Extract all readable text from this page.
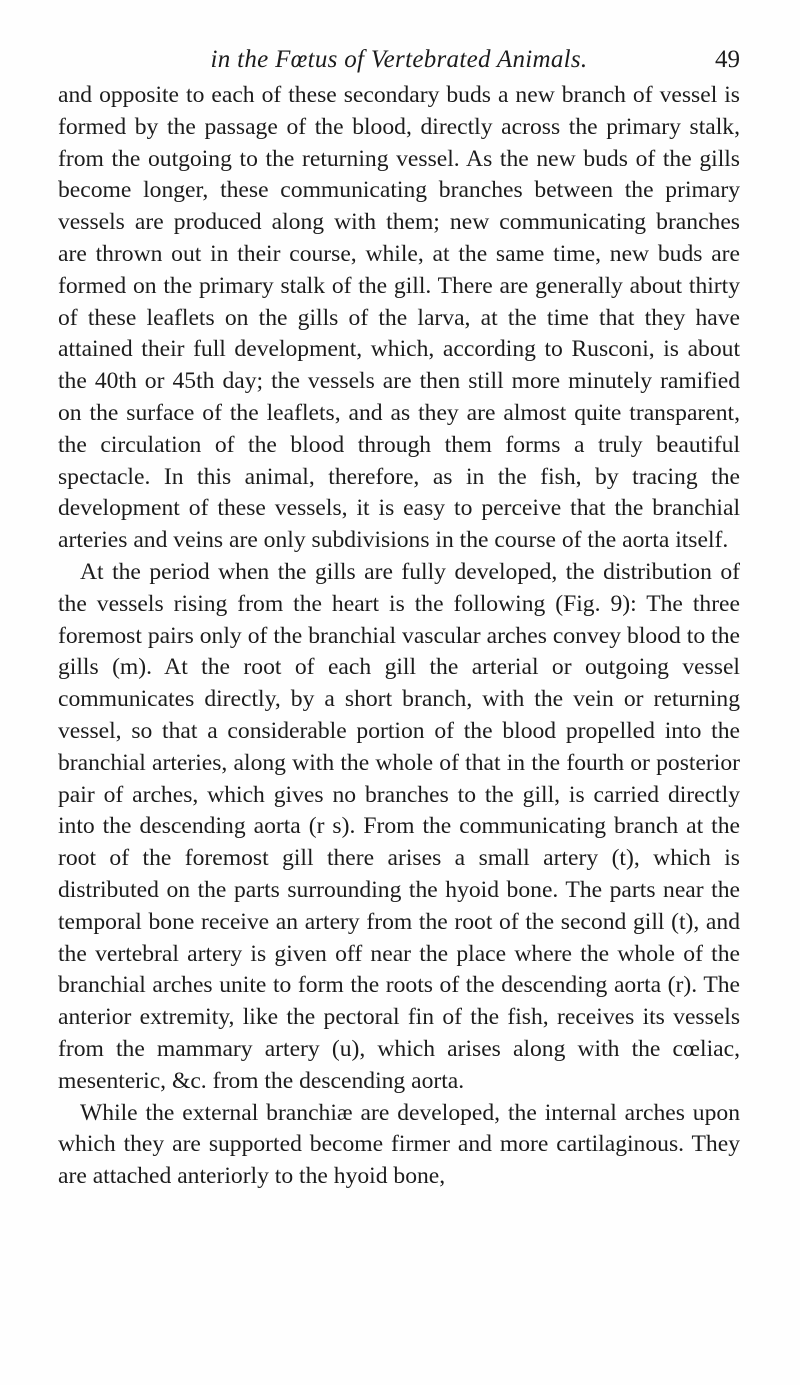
in the Fœtus of Vertebrated Animals.	49

and opposite to each of these secondary buds a new branch of vessel is formed by the passage of the blood, directly across the primary stalk, from the outgoing to the returning vessel. As the new buds of the gills become longer, these communicating branches between the primary vessels are produced along with them; new communicating branches are thrown out in their course, while, at the same time, new buds are formed on the primary stalk of the gill. There are generally about thirty of these leaflets on the gills of the larva, at the time that they have attained their full development, which, according to Rusconi, is about the 40th or 45th day; the vessels are then still more minutely ramified on the surface of the leaflets, and as they are almost quite transparent, the circulation of the blood through them forms a truly beautiful spectacle. In this animal, therefore, as in the fish, by tracing the development of these vessels, it is easy to perceive that the branchial arteries and veins are only subdivisions in the course of the aorta itself.

At the period when the gills are fully developed, the distribution of the vessels rising from the heart is the following (Fig. 9): The three foremost pairs only of the branchial vascular arches convey blood to the gills (m). At the root of each gill the arterial or outgoing vessel communicates directly, by a short branch, with the vein or returning vessel, so that a considerable portion of the blood propelled into the branchial arteries, along with the whole of that in the fourth or posterior pair of arches, which gives no branches to the gill, is carried directly into the descending aorta (r s). From the communicating branch at the root of the foremost gill there arises a small artery (t), which is distributed on the parts surrounding the hyoid bone. The parts near the temporal bone receive an artery from the root of the second gill (t), and the vertebral artery is given off near the place where the whole of the branchial arches unite to form the roots of the descending aorta (r). The anterior extremity, like the pectoral fin of the fish, receives its vessels from the mammary artery (u), which arises along with the cœliac, mesenteric, &c. from the descending aorta.

While the external branchiæ are developed, the internal arches upon which they are supported become firmer and more cartilaginous. They are attached anteriorly to the hyoid bone,
